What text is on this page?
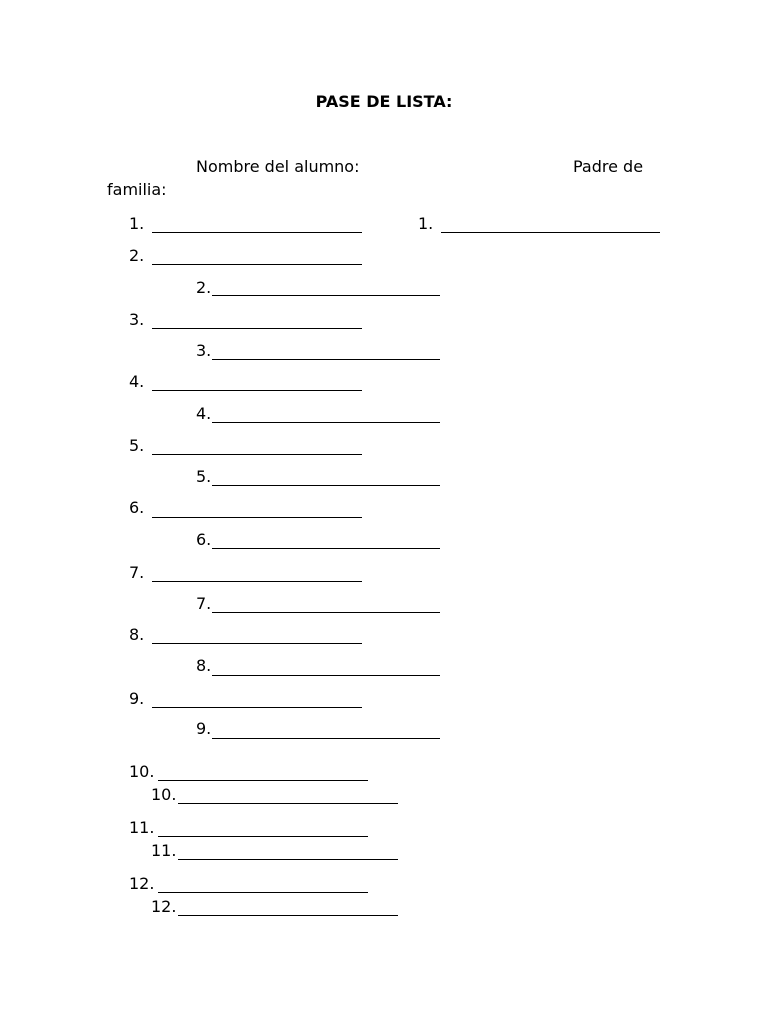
PASE DE LISTA:
Nombre del alumno:	Padre de
familia:
1.	1.
2.
2.
3.
3.
4.
4.
5.
5.
6.
6.
7.
7.
8.
8.
9.
9.
10.
10.
11.
11.
12.
12.
